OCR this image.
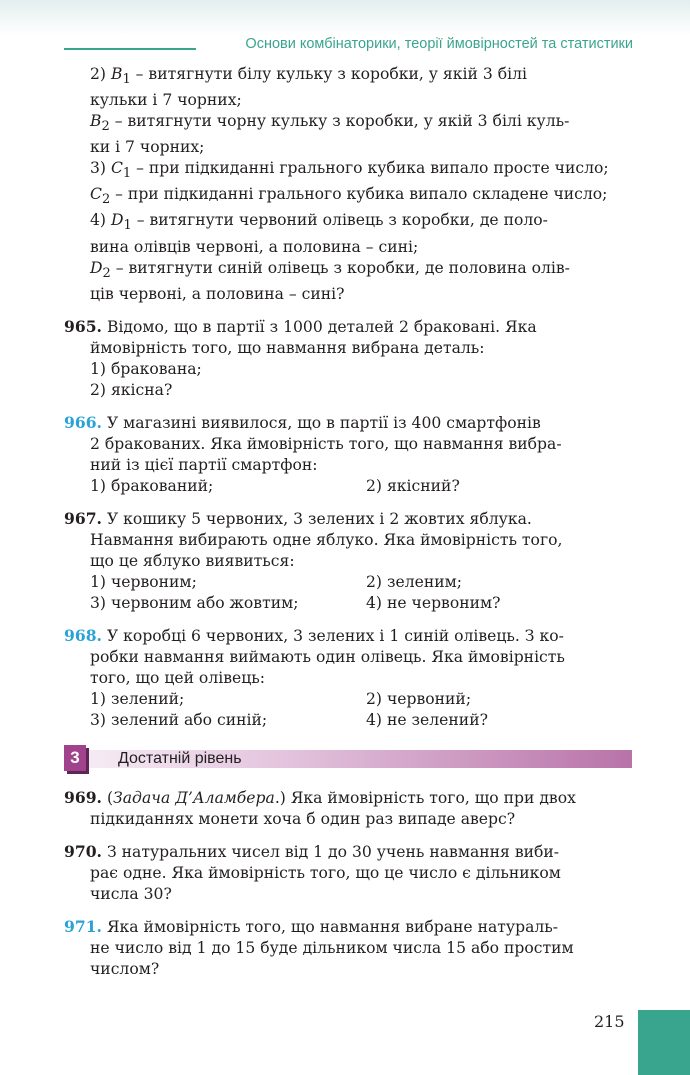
Основи комбінаторики, теорії ймовірностей та статистики

2) $B_1$ – витягнути білу кульку з коробки, у якій 3 білі

кульки і 7 чорних;

$B_2$ – витягнути чорну кульку з коробки, у якій 3 білі куль-

ки і 7 чорних;

3) $C_1$ – при підкиданні грального кубика випало просте число;

$C_2$ – при підкиданні грального кубика випало складене число;

4) $D_1$ – витягнути червоний олівець з коробки, де поло-

вина олівців червоні, а половина – сині;

$D_2$ – витягнути синій олівець з коробки, де половина олів-

ців червоні, а половина – сині?

965. Відомо, що в партії з 1000 деталей 2 браковані. Яка

ймовірність того, що навмання вибрана деталь:

1) бракована;

2) якісна?

966. У магазині виявилося, що в партії із 400 смартфонів

2 бракованих. Яка ймовірність того, що навмання вибра-

ний із цієї партії смартфон:

1) бракований;	2) якісний?

967. У кошику 5 червоних, 3 зелених і 2 жовтих яблука.

Навмання вибирають одне яблуко. Яка ймовірність того,

що це яблуко виявиться:

1) червоним;	2) зеленим;
3) червоним або жовтим;	4) не червоним?

968. У коробці 6 червоних, 3 зелених і 1 синій олівець. З ко-

робки навмання виймають один олівець. Яка ймовірність

того, що цей олівець:

1) зелений;	2) червоний;
3) зелений або синій;	4) не зелений?
3	Достатній рівень

969. (Задача Д’Аламбера.) Яка ймовірність того, що при двох

підкиданнях монети хоча б один раз випаде аверс?

970. З натуральних чисел від 1 до 30 учень навмання виби-

рає одне. Яка ймовірність того, що це число є дільником

числа 30?

971. Яка ймовірність того, що навмання вибране натураль-

не число від 1 до 15 буде дільником числа 15 або простим

числом?

215
